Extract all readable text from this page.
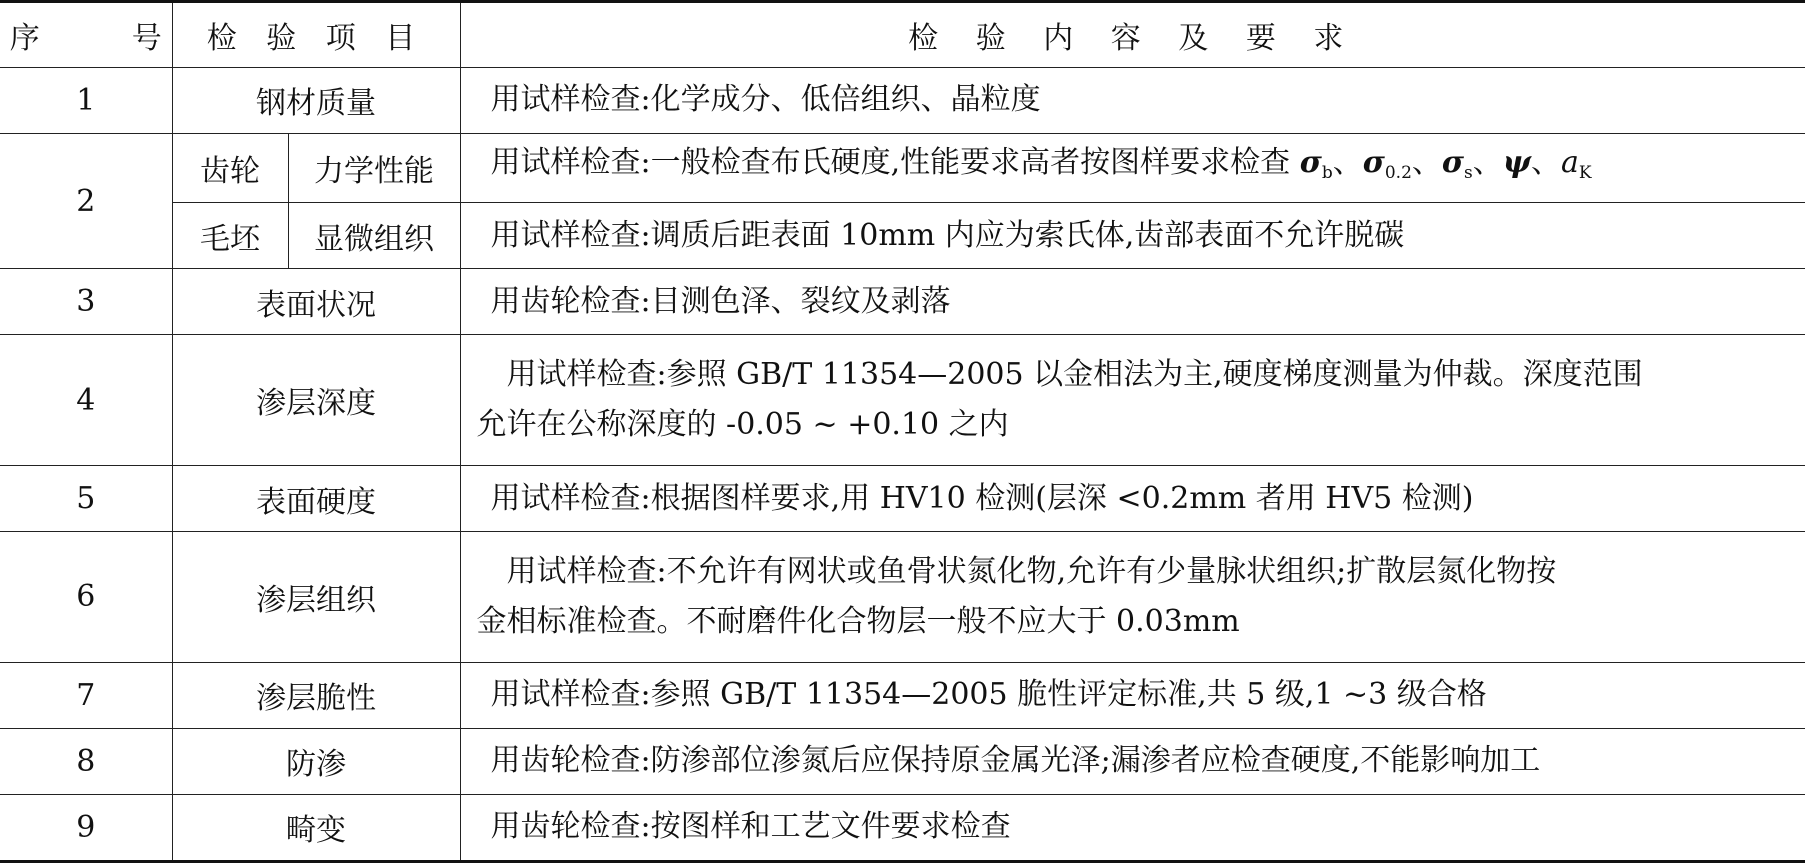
序 号	检 验 项 目		检 验 内 容 及 要 求
1	钢材质量		用试样检查:化学成分、低倍组织、晶粒度
2	齿轮	力学性能	用试样检查:一般检查布氏硬度,性能要求高者按图样要求检查 $\sigma_b$、$\sigma_{0.2}$、$\sigma_s$、ψ、$a_K$
	毛坯	显微组织	用试样检查:调质后距表面 10mm 内应为索氏体,齿部表面不允许脱碳
3	表面状况		用齿轮检查:目测色泽、裂纹及剥落
4	渗层深度		用试样检查:参照 GB/T 11354—2005 以金相法为主,硬度梯度测量为仲裁。深度范围
允许在公称深度的 -0.05 ~ +0.10 之内

5	表面硬度		用试样检查:根据图样要求,用 HV10 检测(层深 <0.2mm 者用 HV5 检测)
6	渗层组织		用试样检查:不允许有网状或鱼骨状氮化物,允许有少量脉状组织;扩散层氮化物按
金相标准检查。不耐磨件化合物层一般不应大于 0.03mm

7	渗层脆性		用试样检查:参照 GB/T 11354—2005 脆性评定标准,共 5 级,1 ~3 级合格
8	防渗		用齿轮检查:防渗部位渗氮后应保持原金属光泽;漏渗者应检查硬度,不能影响加工
9	畸变		用齿轮检查:按图样和工艺文件要求检查
